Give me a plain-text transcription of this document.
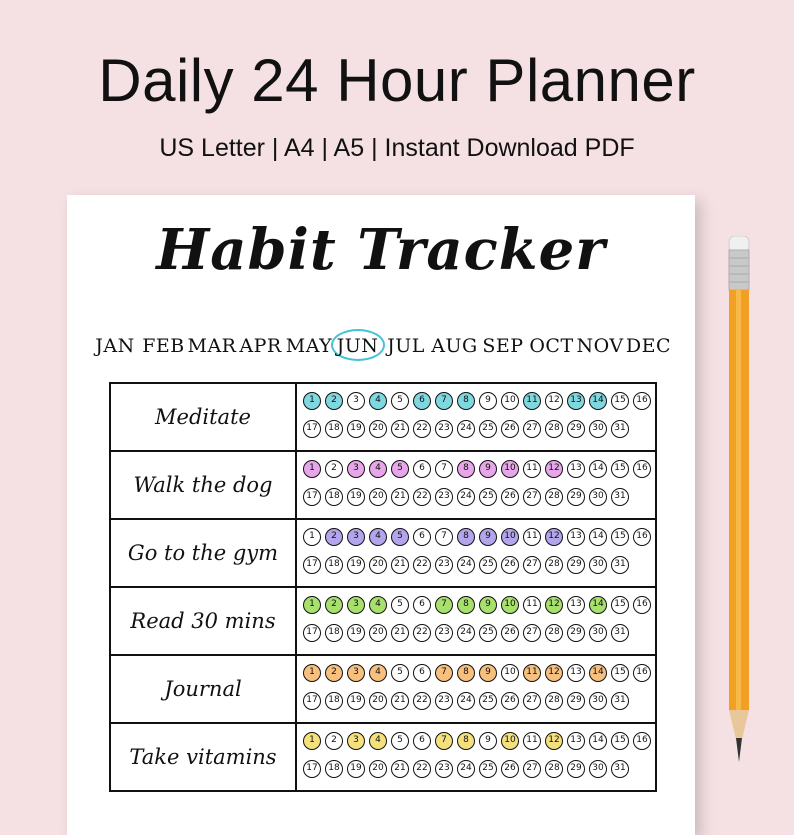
Daily 24 Hour Planner
US Letter | A4 | A5 | Instant Download PDF
Habit Tracker
JAN FEB MAR APR MAY JUN JUL AUG SEP OCT NOV DEC
Meditate
1	2	3	4	5	6	7	8	9	10	11	12	13	14	15	16
17	18	19	20	21	22	23	24	25	26	27	28	29	30	31
Walk the dog
1	2	3	4	5	6	7	8	9	10	11	12	13	14	15	16
17	18	19	20	21	22	23	24	25	26	27	28	29	30	31
Go to the gym
1	2	3	4	5	6	7	8	9	10	11	12	13	14	15	16
17	18	19	20	21	22	23	24	25	26	27	28	29	30	31
Read 30 mins
1	2	3	4	5	6	7	8	9	10	11	12	13	14	15	16
17	18	19	20	21	22	23	24	25	26	27	28	29	30	31
Journal
1	2	3	4	5	6	7	8	9	10	11	12	13	14	15	16
17	18	19	20	21	22	23	24	25	26	27	28	29	30	31
Take vitamins
1	2	3	4	5	6	7	8	9	10	11	12	13	14	15	16
17	18	19	20	21	22	23	24	25	26	27	28	29	30	31
